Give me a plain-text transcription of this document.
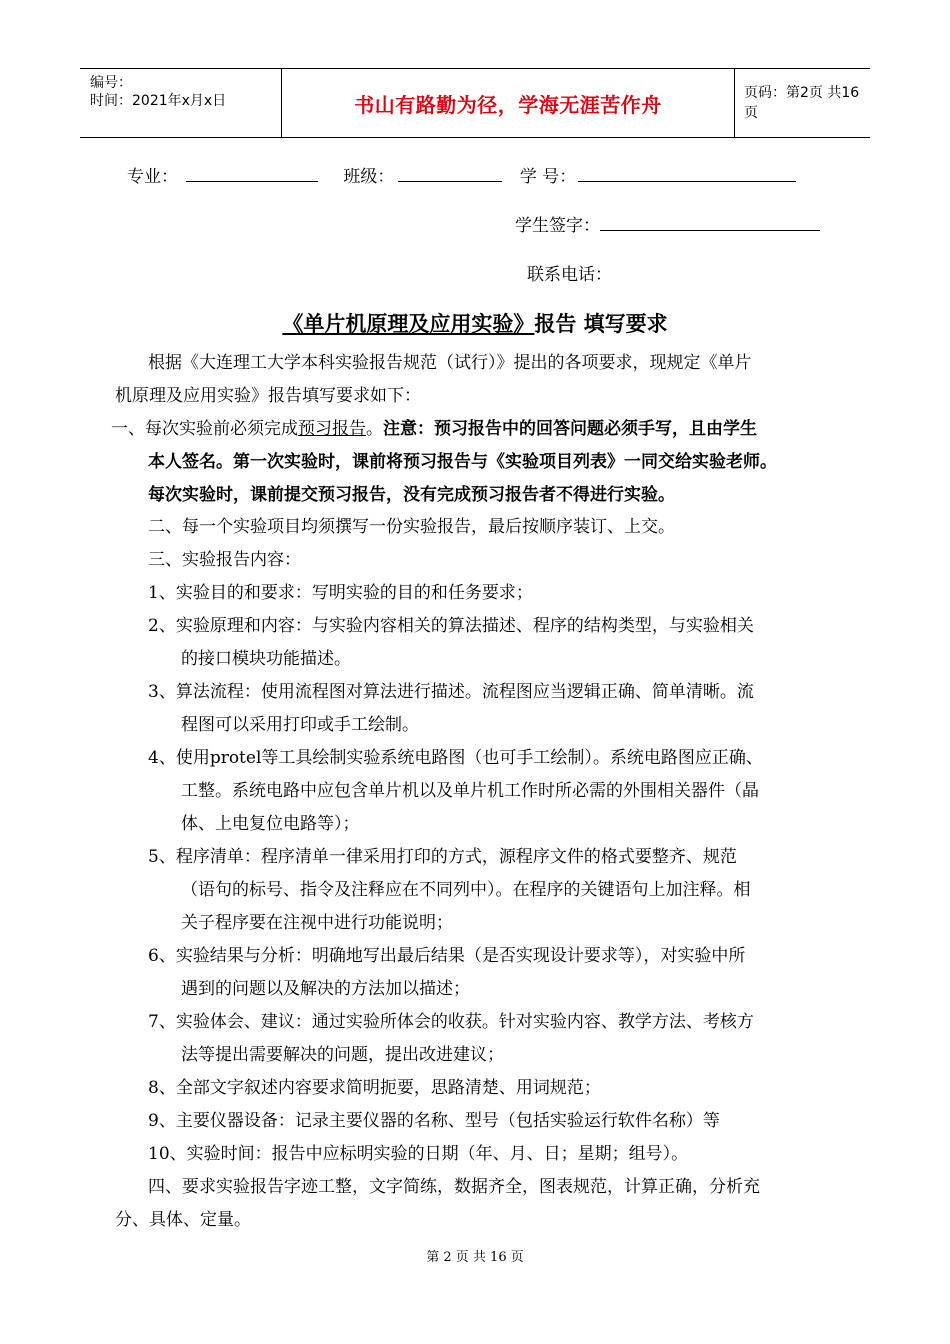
编号：
时间：2021年x月x日	书山有路勤为径，学海无涯苦作舟	页码：第2页 共16页
专业：	班级：	学 号：
学生签字：
联系电话：
《单片机原理及应用实验》报告 填写要求
根据《大连理工大学本科实验报告规范（试行）》提出的各项要求，现规定《单片
机原理及应用实验》报告填写要求如下：
一、每次实验前必须完成预习报告。注意：预习报告中的回答问题必须手写，且由学生
本人签名。第一次实验时，课前将预习报告与《实验项目列表》一同交给实验老师。
每次实验时，课前提交预习报告，没有完成预习报告者不得进行实验。
二、每一个实验项目均须撰写一份实验报告，最后按顺序装订、上交。
三、实验报告内容：
1、实验目的和要求：写明实验的目的和任务要求；
2、实验原理和内容：与实验内容相关的算法描述、程序的结构类型，与实验相关
的接口模块功能描述。
3、算法流程：使用流程图对算法进行描述。流程图应当逻辑正确、简单清晰。流
程图可以采用打印或手工绘制。
4、使用protel等工具绘制实验系统电路图（也可手工绘制）。系统电路图应正确、
工整。系统电路中应包含单片机以及单片机工作时所必需的外围相关器件（晶
体、上电复位电路等）；
5、程序清单：程序清单一律采用打印的方式，源程序文件的格式要整齐、规范
（语句的标号、指令及注释应在不同列中）。在程序的关键语句上加注释。相
关子程序要在注视中进行功能说明；
6、实验结果与分析：明确地写出最后结果（是否实现设计要求等），对实验中所
遇到的问题以及解决的方法加以描述；
7、实验体会、建议：通过实验所体会的收获。针对实验内容、教学方法、考核方
法等提出需要解决的问题，提出改进建议；
8、全部文字叙述内容要求简明扼要，思路清楚、用词规范；
9、主要仪器设备：记录主要仪器的名称、型号（包括实验运行软件名称）等
10、实验时间：报告中应标明实验的日期（年、月、日；星期；组号）。
四、要求实验报告字迹工整，文字简练，数据齐全，图表规范，计算正确，分析充
分、具体、定量。
第 2 页 共 16 页
